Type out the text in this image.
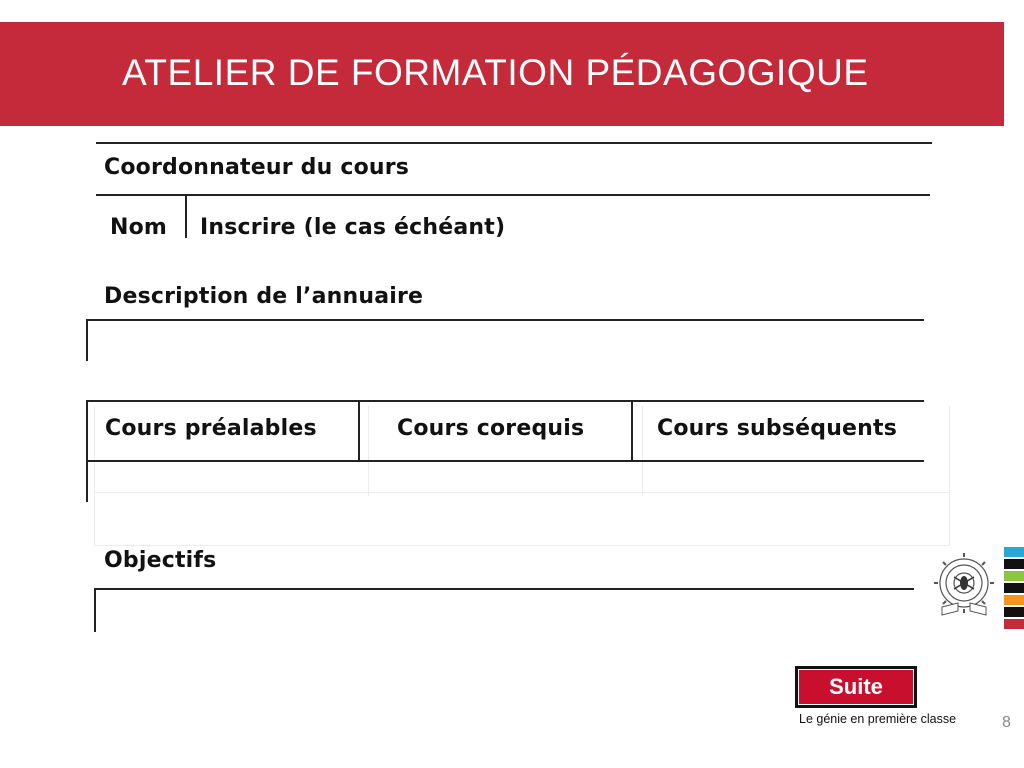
ATELIER DE FORMATION PÉDAGOGIQUE
Coordonnateur du cours
Nom Inscrire (le cas échéant)
Description de l’annuaire
Cours préalables	Cours corequis	Cours subséquents
Objectifs
Suite
Le génie en première classe	8
